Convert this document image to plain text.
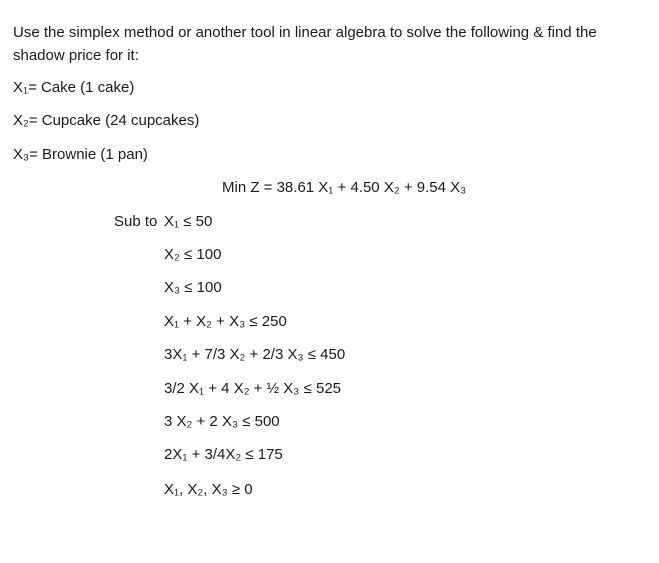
Use the simplex method or another tool in linear algebra to solve the following & find the shadow price for it:
X₁= Cake (1 cake)
X₂= Cupcake (24 cupcakes)
X₃= Brownie (1 pan)
Min Z = 38.61 X₁ + 4.50 X₂ + 9.54 X₃
Sub to X₁ ≤ 50
X₂ ≤ 100
X₃ ≤ 100
X₁ + X₂ + X₃ ≤ 250
3X₁ + 7/3 X₂ + 2/3 X₃ ≤ 450
3/2 X₁ + 4 X₂ + ½ X₃ ≤ 525
3 X₂ + 2 X₃ ≤ 500
2X₁ + 3/4X₂ ≤ 175
X₁, X₂, X₃ ≥ 0
